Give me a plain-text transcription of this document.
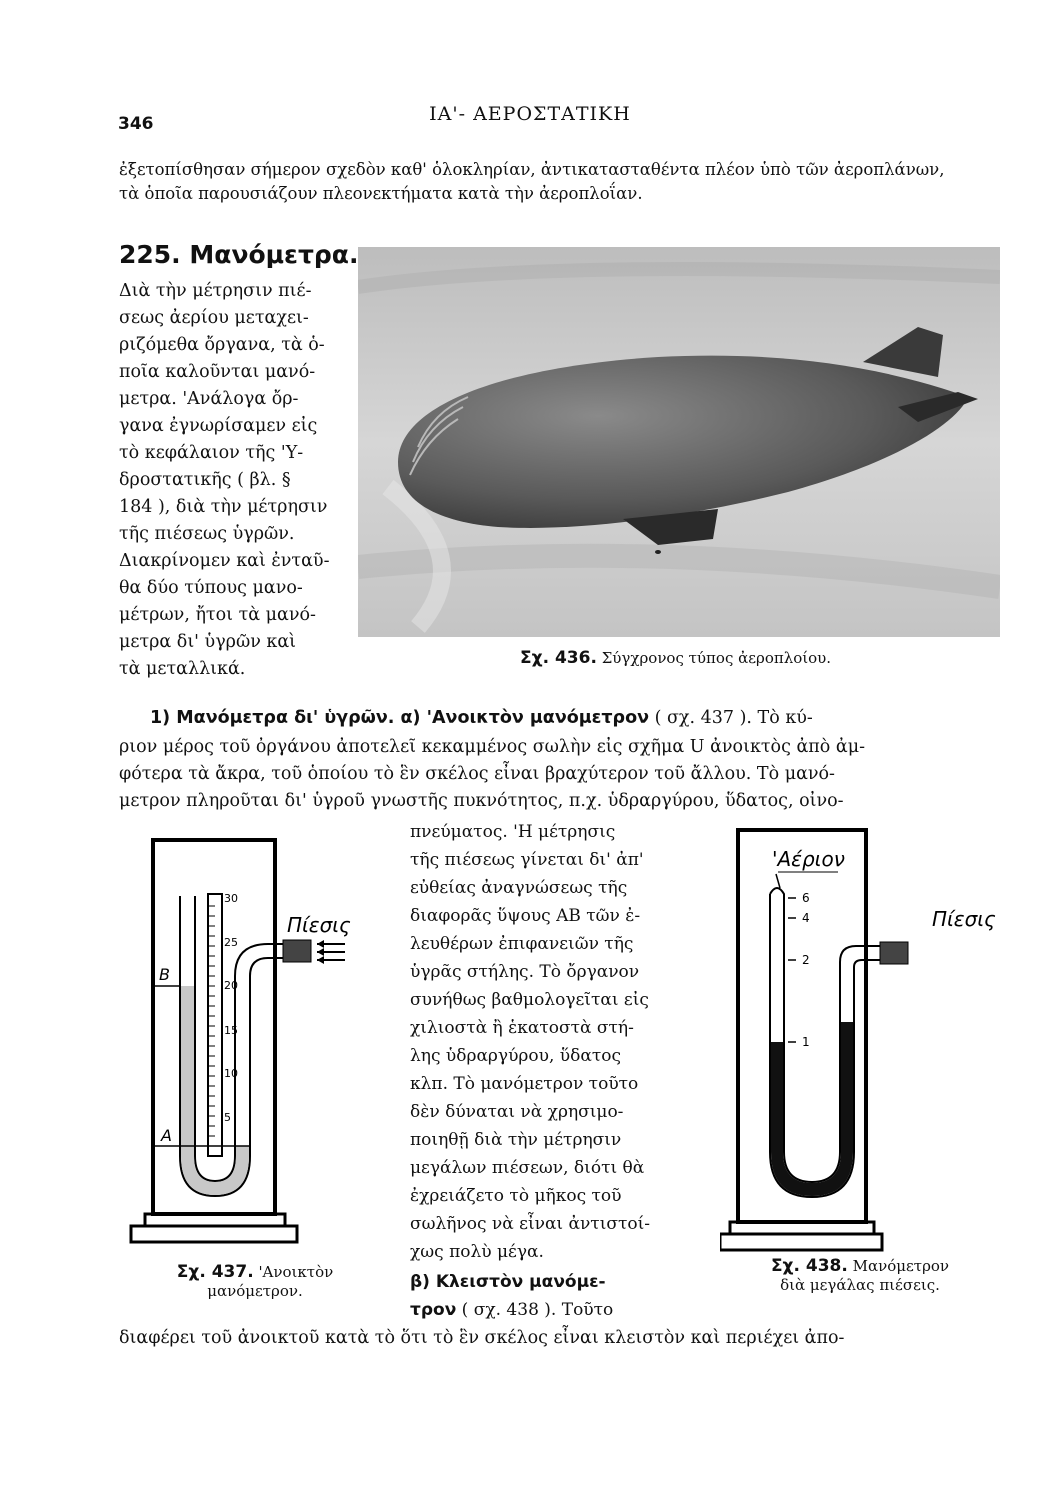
346	ΙΑ'- ΑΕΡΟΣΤΑΤΙΚΗ
ἐξετοπίσθησαν σήμερον σχεδὸν καθ' ὁλοκληρίαν, ἀντικατασταθέντα πλέον ὑπὸ τῶν ἀεροπλάνων,
τὰ ὁποῖα παρουσιάζουν πλεονεκτήματα κατὰ τὴν ἀεροπλοΐαν.
225. Μανόμετρα.
Διὰ τὴν μέτρησιν πιέ-
σεως ἀερίου μεταχει-
ριζόμεθα ὄργανα, τὰ ὁ-
ποῖα καλοῦνται μανό-
μετρα. 'Ανάλογα ὄρ-
γανα ἐγνωρίσαμεν εἰς
τὸ κεφάλαιον τῆς 'Υ-
δροστατικῆς ( βλ. §
184 ), διὰ τὴν μέτρησιν
τῆς πιέσεως ὑγρῶν.
Διακρίνομεν καὶ ἐνταῦ-
θα δύο τύπους μανο-
μέτρων, ἤτοι τὰ μανό-
μετρα δι' ὑγρῶν καὶ
τὰ μεταλλικά.
Σχ. 436. Σύγχρονος τύπος ἀεροπλοίου.
1) Μανόμετρα δι' ὑγρῶν. α) 'Ανοικτὸν μανόμετρον ( σχ. 437 ). Τὸ κύ-
ριον μέρος τοῦ ὀργάνου ἀποτελεῖ κεκαμμένος σωλὴν εἰς σχῆμα U ἀνοικτὸς ἀπὸ ἀμ-
φότερα τὰ ἄκρα, τοῦ ὁποίου τὸ ἓν σκέλος εἶναι βραχύτερον τοῦ ἄλλου. Τὸ μανό-
μετρον πληροῦται δι' ὑγροῦ γνωστῆς πυκνότητος, π.χ. ὑδραργύρου, ὕδατος, οἰνο-
πνεύματος. 'Η μέτρησις
τῆς πιέσεως γίνεται δι' ἀπ'
εὐθείας ἀναγνώσεως τῆς
διαφορᾶς ὕψους ΑΒ τῶν ἐ-
λευθέρων ἐπιφανειῶν τῆς
ὑγρᾶς στήλης. Τὸ ὄργανον
συνήθως βαθμολογεῖται εἰς
χιλιοστὰ ἢ ἑκατοστὰ στή-
λης ὑδραργύρου, ὕδατος
κλπ. Τὸ μανόμετρον τοῦτο
δὲν δύναται νὰ χρησιμο-
ποιηθῇ διὰ τὴν μέτρησιν
μεγάλων πιέσεων, διότι θὰ
ἐχρειάζετο τὸ μῆκος τοῦ
σωλῆνος νὰ εἶναι ἀντιστοί-
χως πολὺ μέγα.
β) Κλειστὸν μανόμε-
τρον ( σχ. 438 ). Τοῦτο
διαφέρει τοῦ ἀνοικτοῦ κατὰ τὸ ὅτι τὸ ἓν σκέλος εἶναι κλειστὸν καὶ περιέχει ἀπο-
30
25
20
15
10
5
Πίεσις
B
A
Σχ. 437. 'Ανοικτὸν
μανόμετρον.
'Αέριον
6
4
2
1
Πίεσις
Σχ. 438. Μανόμετρον
διὰ μεγάλας πιέσεις.
